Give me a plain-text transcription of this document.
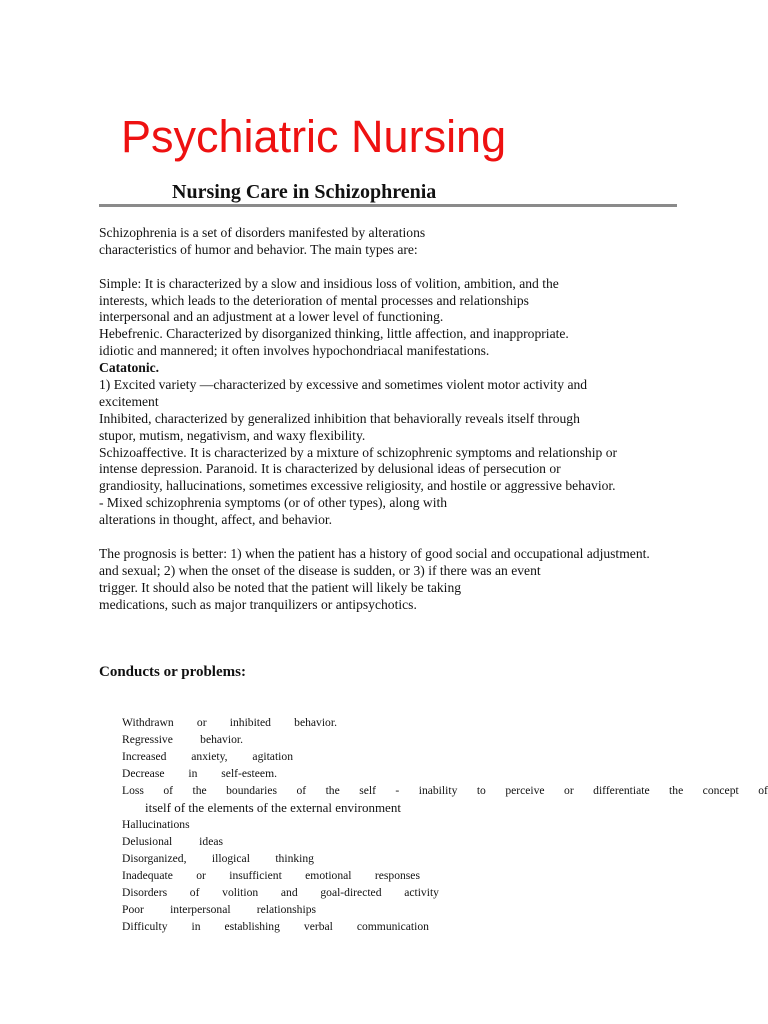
Psychiatric Nursing
Nursing Care in Schizophrenia
Schizophrenia is a set of disorders manifested by alterations
characteristics of humor and behavior. The main types are:
Simple: It is characterized by a slow and insidious loss of volition, ambition, and the
interests, which leads to the deterioration of mental processes and relationships
interpersonal and an adjustment at a lower level of functioning.
Hebefrenic. Characterized by disorganized thinking, little affection, and inappropriate.
idiotic and mannered; it often involves hypochondriacal manifestations.
Catatonic.
1) Excited variety —characterized by excessive and sometimes violent motor activity and
excitement
Inhibited, characterized by generalized inhibition that behaviorally reveals itself through
stupor, mutism, negativism, and waxy flexibility.
Schizoaffective. It is characterized by a mixture of schizophrenic symptoms and relationship or
intense depression. Paranoid. It is characterized by delusional ideas of persecution or
grandiosity, hallucinations, sometimes excessive religiosity, and hostile or aggressive behavior.
- Mixed schizophrenia symptoms (or of other types), along with
alterations in thought, affect, and behavior.
The prognosis is better: 1) when the patient has a history of good social and occupational adjustment.
and sexual; 2) when the onset of the disease is sudden, or 3) if there was an event
trigger. It should also be noted that the patient will likely be taking
medications, such as major tranquilizers or antipsychotics.
Conducts or problems:
Withdrawn or inhibited behavior.
Regressive behavior.
Increased anxiety, agitation
Decrease in self-esteem.
Loss of the boundaries of the self - inability to perceive or differentiate the concept of
itself of the elements of the external environment
Hallucinations
Delusional ideas
Disorganized, illogical thinking
Inadequate or insufficient emotional responses
Disorders of volition and goal-directed activity
Poor interpersonal relationships
Difficulty in establishing verbal communication
